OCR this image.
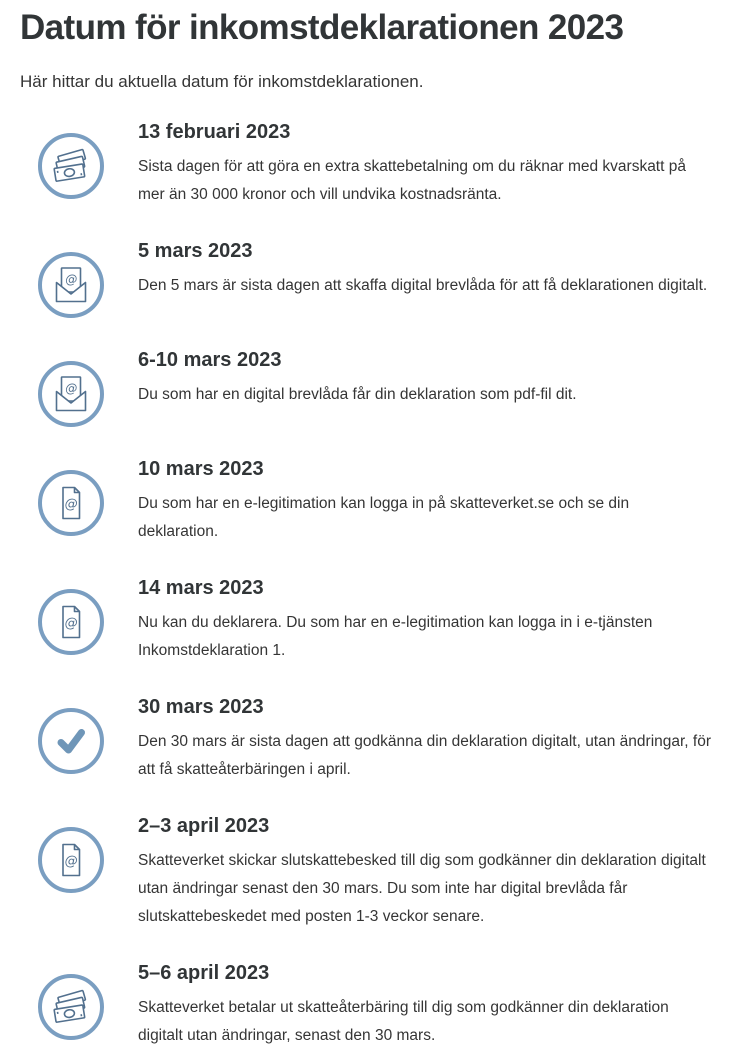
Datum för inkomstdeklarationen 2023

Här hittar du aktuella datum för inkomstdeklarationen.

13 februari 2023

Sista dagen för att göra en extra skattebetalning om du räknar med kvarskatt på mer än 30 000 kronor och vill undvika kostnadsränta.

5 mars 2023

Den 5 mars är sista dagen att skaffa digital brevlåda för att få deklarationen digitalt.

6-10 mars 2023

Du som har en digital brevlåda får din deklaration som pdf-fil dit.

10 mars 2023

Du som har en e-legitimation kan logga in på skatteverket.se och se din deklaration.

14 mars 2023

Nu kan du deklarera. Du som har en e-legitimation kan logga in i e-tjänsten Inkomstdeklaration 1.

30 mars 2023

Den 30 mars är sista dagen att godkänna din deklaration digitalt, utan ändringar, för att få skatteåterbäringen i april.

2–3 april 2023

Skatteverket skickar slutskattebesked till dig som godkänner din deklaration digitalt utan ändringar senast den 30 mars. Du som inte har digital brevlåda får slutskattebeskedet med posten 1-3 veckor senare.

5–6 april 2023

Skatteverket betalar ut skatteåterbäring till dig som godkänner din deklaration digitalt utan ändringar, senast den 30 mars.
